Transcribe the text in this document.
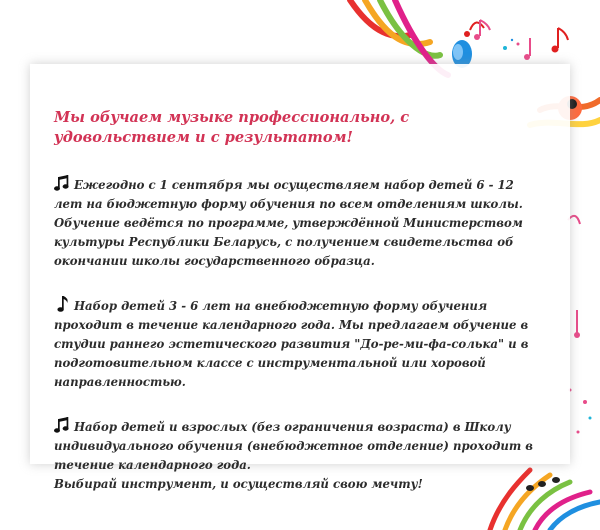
Мы обучаем музыке профессионально, с удовольствием и с результатом!

Ежегодно с 1 сентября мы осуществляем набор детей 6 - 12 лет на бюджетную форму обучения по всем отделениям школы. Обучение ведётся по программе, утверждённой Министерством культуры Республики Беларусь, с получением свидетельства об окончании школы государственного образца.

Набор детей 3 - 6 лет на внебюджетную форму обучения проходит в течение календарного года. Мы предлагаем обучение в студии раннего эстетического развития "До-ре-ми-фа-солька" и в подготовительном классе с инструментальной или хоровой направленностью.

Набор детей и взрослых (без ограничения возраста) в Школу индивидуального обучения (внебюджетное отделение) проходит в течение календарного года.
Выбирай инструмент, и осуществляй свою мечту!
